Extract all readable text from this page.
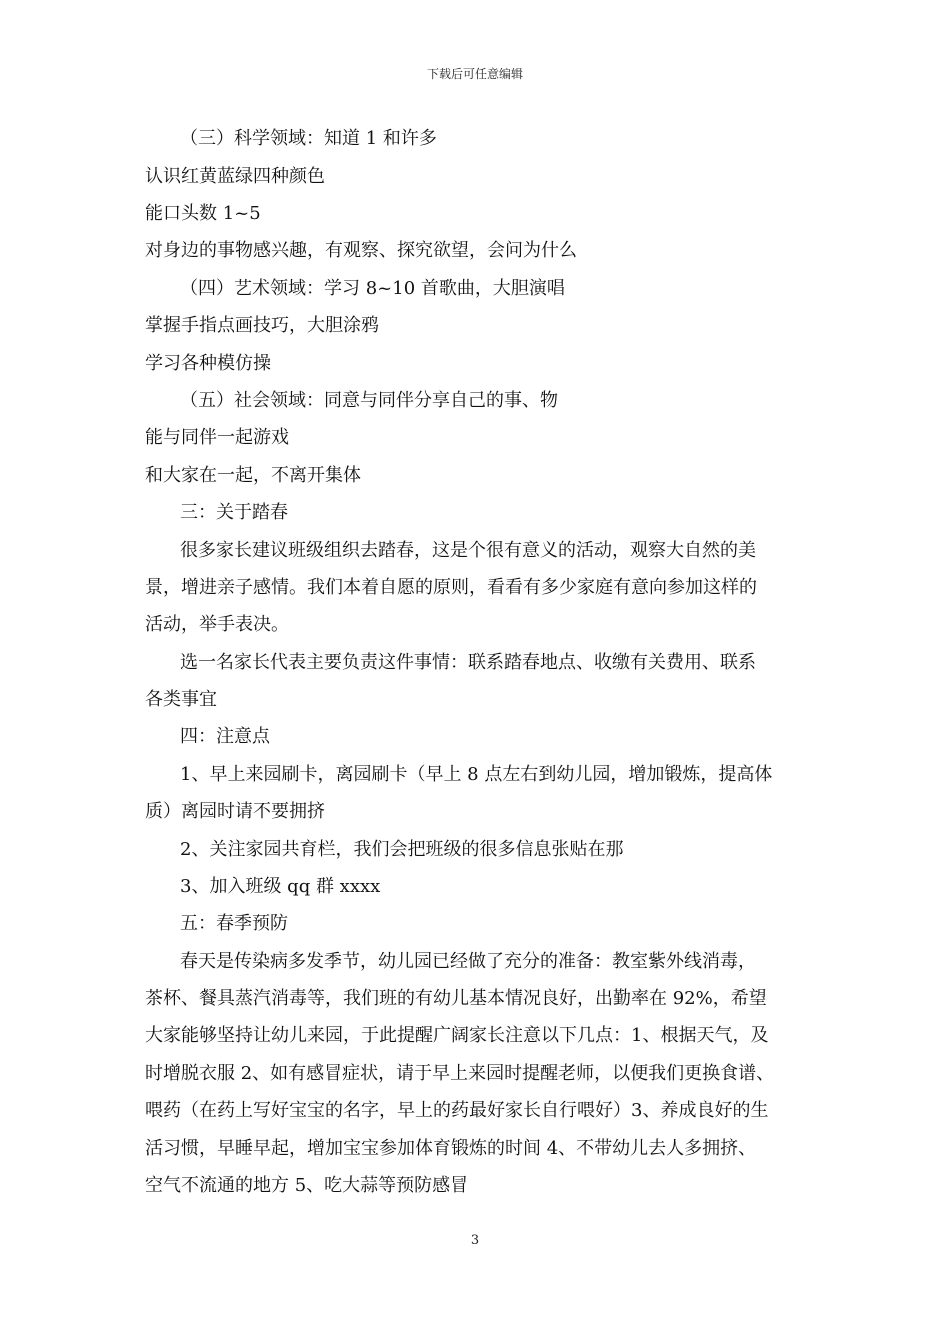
下载后可任意编辑
（三）科学领域：知道 1 和许多
认识红黄蓝绿四种颜色
能口头数 1~5
对身边的事物感兴趣，有观察、探究欲望，会问为什么
（四）艺术领域：学习 8~10 首歌曲，大胆演唱
掌握手指点画技巧，大胆涂鸦
学习各种模仿操
（五）社会领域：同意与同伴分享自己的事、物
能与同伴一起游戏
和大家在一起，不离开集体
三：关于踏春
很多家长建议班级组织去踏春，这是个很有意义的活动，观察大自然的美
景，增进亲子感情。我们本着自愿的原则，看看有多少家庭有意向参加这样的
活动，举手表决。
选一名家长代表主要负责这件事情：联系踏春地点、收缴有关费用、联系
各类事宜
四：注意点
1、早上来园刷卡，离园刷卡（早上 8 点左右到幼儿园，增加锻炼，提高体
质）离园时请不要拥挤
2、关注家园共育栏，我们会把班级的很多信息张贴在那
3、加入班级 qq 群 xxxx
五：春季预防
春天是传染病多发季节，幼儿园已经做了充分的准备：教室紫外线消毒，
茶杯、餐具蒸汽消毒等，我们班的有幼儿基本情况良好，出勤率在 92%，希望
大家能够坚持让幼儿来园，于此提醒广阔家长注意以下几点：1、根据天气，及
时增脱衣服 2、如有感冒症状，请于早上来园时提醒老师，以便我们更换食谱、
喂药（在药上写好宝宝的名字，早上的药最好家长自行喂好）3、养成良好的生
活习惯，早睡早起，增加宝宝参加体育锻炼的时间 4、不带幼儿去人多拥挤、
空气不流通的地方 5、吃大蒜等预防感冒
3
